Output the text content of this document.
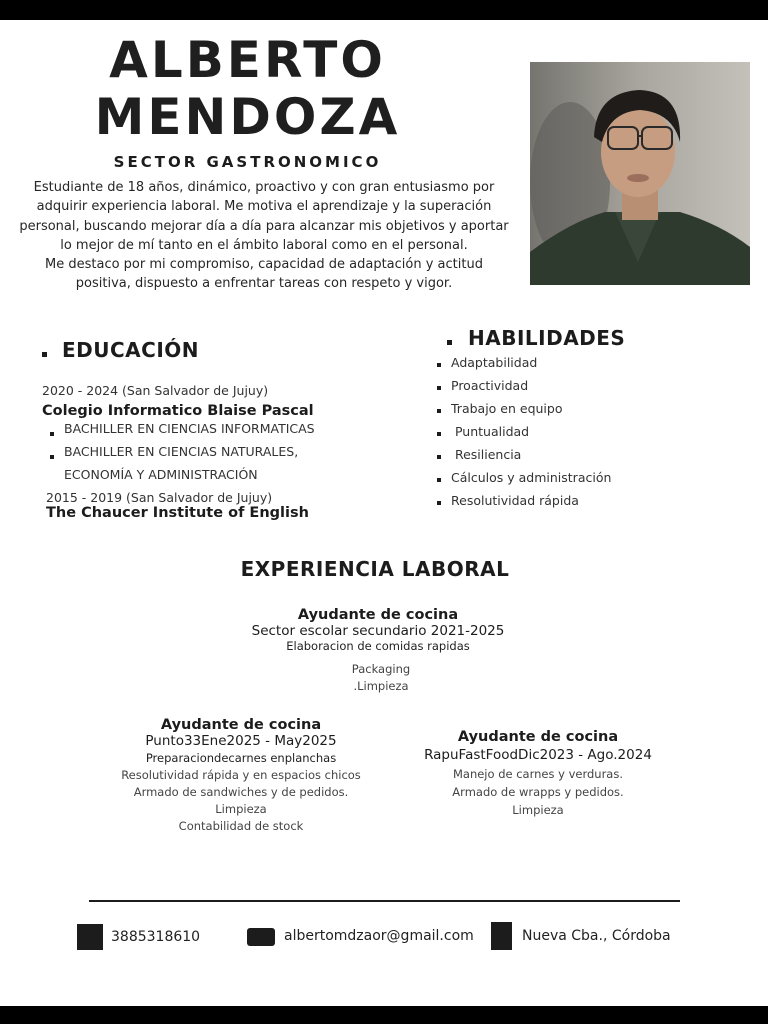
ALBERTO
MENDOZA
SECTOR GASTRONOMICO
Estudiante de 18 años, dinámico, proactivo y con gran entusiasmo por
adquirir experiencia laboral. Me motiva el aprendizaje y la superación
personal, buscando mejorar día a día para alcanzar mis objetivos y aportar
lo mejor de mí tanto en el ámbito laboral como en el personal.
Me destaco por mi compromiso, capacidad de adaptación y actitud
positiva, dispuesto a enfrentar tareas con respeto y vigor.
EDUCACIÓN
2020 - 2024 (San Salvador de Jujuy)
Colegio Informatico Blaise Pascal
BACHILLER EN CIENCIAS INFORMATICAS
BACHILLER EN CIENCIAS NATURALES,
ECONOMÍA Y ADMINISTRACIÓN
2015 - 2019 (San Salvador de Jujuy)
The Chaucer Institute of English
HABILIDADES
Adaptabilidad
Proactividad
Trabajo en equipo
Puntualidad
Resiliencia
Cálculos y administración
Resolutividad rápida
EXPERIENCIA LABORAL
Ayudante de cocina
Sector escolar secundario 2021-2025
Elaboracion de comidas rapidas
Packaging
.Limpieza
Ayudante de cocina
Punto33Ene2025 - May2025
Preparaciondecarnes enplanchas
Resolutividad rápida y en espacios chicos
Armado de sandwiches y de pedidos.
Limpieza
Contabilidad de stock
Ayudante de cocina
RapuFastFoodDic2023 - Ago.2024
Manejo de carnes y verduras.
Armado de wrapps y pedidos.
Limpieza
3885318610	albertomdzaor@gmail.com	Nueva Cba., Córdoba
